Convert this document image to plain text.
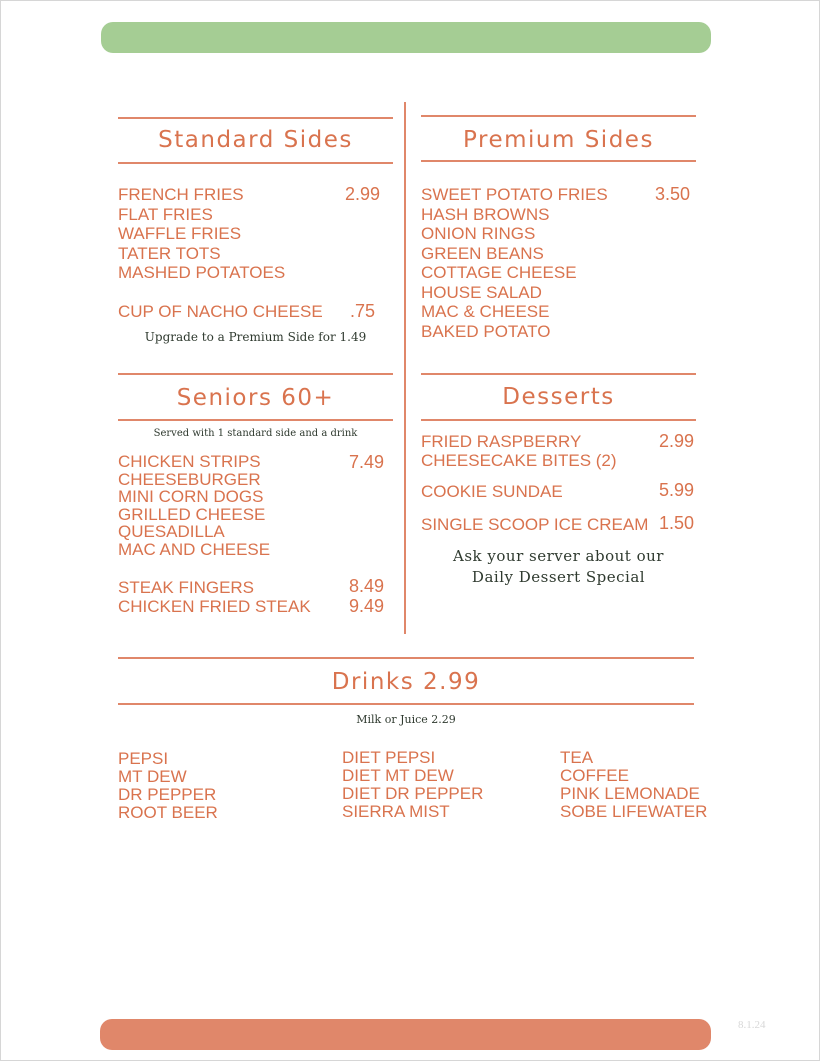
Standard Sides
FRENCH FRIES
FLAT FRIES
WAFFLE FRIES
TATER TOTS
MASHED POTATOES
2.99
CUP OF NACHO CHEESE	.75
Upgrade to a Premium Side for 1.49
Premium Sides
SWEET POTATO FRIES
HASH BROWNS
ONION RINGS
GREEN BEANS
COTTAGE CHEESE
HOUSE SALAD
MAC & CHEESE
BAKED POTATO
3.50
Seniors 60+
Served with 1 standard side and a drink
CHICKEN STRIPS
CHEESEBURGER
MINI CORN DOGS
GRILLED CHEESE
QUESADILLA
MAC AND CHEESE
7.49
STEAK FINGERS
CHICKEN FRIED STEAK
8.49
9.49
Desserts
FRIED RASPBERRY
CHEESECAKE BITES (2)
2.99
COOKIE SUNDAE	5.99
SINGLE SCOOP ICE CREAM 1.50
Ask your server about our
Daily Dessert Special
Drinks 2.99
Milk or Juice 2.29
PEPSI
MT DEW
DR PEPPER
ROOT BEER
DIET PEPSI
DIET MT DEW
DIET DR PEPPER
SIERRA MIST
TEA
COFFEE
PINK LEMONADE
SOBE LIFEWATER
8.1.24
